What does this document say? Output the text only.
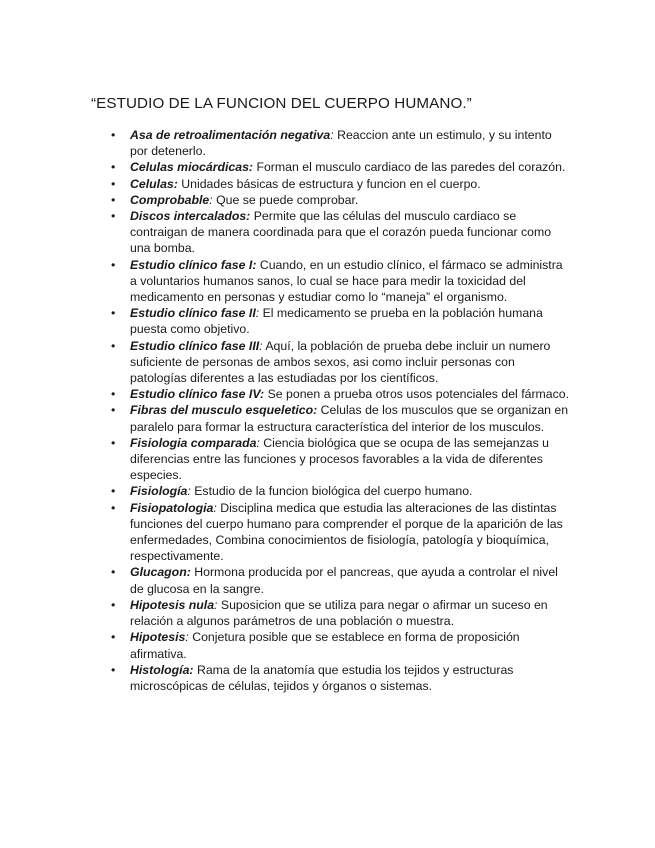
“ESTUDIO DE LA FUNCION DEL CUERPO HUMANO.”
• Asa de retroalimentación negativa: Reaccion ante un estimulo, y su intento por detenerlo.
• Celulas miocárdicas: Forman el musculo cardiaco de las paredes del corazón.
• Celulas: Unidades básicas de estructura y funcion en el cuerpo.
• Comprobable: Que se puede comprobar.
• Discos intercalados: Permite que las células del musculo cardiaco se contraigan de manera coordinada para que el corazón pueda funcionar como una bomba.
• Estudio clínico fase I: Cuando, en un estudio clínico, el fármaco se administra a voluntarios humanos sanos, lo cual se hace para medir la toxicidad del medicamento en personas y estudiar como lo “maneja” el organismo.
• Estudio clínico fase II: El medicamento se prueba en la población humana puesta como objetivo.
• Estudio clínico fase III: Aquí, la población de prueba debe incluir un numero suficiente de personas de ambos sexos, asi como incluir personas con patologías diferentes a las estudiadas por los científicos.
• Estudio clínico fase IV: Se ponen a prueba otros usos potenciales del fármaco.
• Fibras del musculo esqueletico: Celulas de los musculos que se organizan en paralelo para formar la estructura característica del interior de los musculos.
• Fisiologia comparada: Ciencia biológica que se ocupa de las semejanzas u diferencias entre las funciones y procesos favorables a la vida de diferentes especies.
• Fisiología: Estudio de la funcion biológica del cuerpo humano.
• Fisiopatologia: Disciplina medica que estudia las alteraciones de las distintas funciones del cuerpo humano para comprender el porque de la aparición de las enfermedades, Combina conocimientos de fisiología, patología y bioquímica, respectivamente.
• Glucagon: Hormona producida por el pancreas, que ayuda a controlar el nivel de glucosa en la sangre.
• Hipotesis nula: Suposicion que se utiliza para negar o afirmar un suceso en relación a algunos parámetros de una población o muestra.
• Hipotesis: Conjetura posible que se establece en forma de proposición afirmativa.
• Histología: Rama de la anatomía que estudia los tejidos y estructuras microscópicas de células, tejidos y órganos o sistemas.
